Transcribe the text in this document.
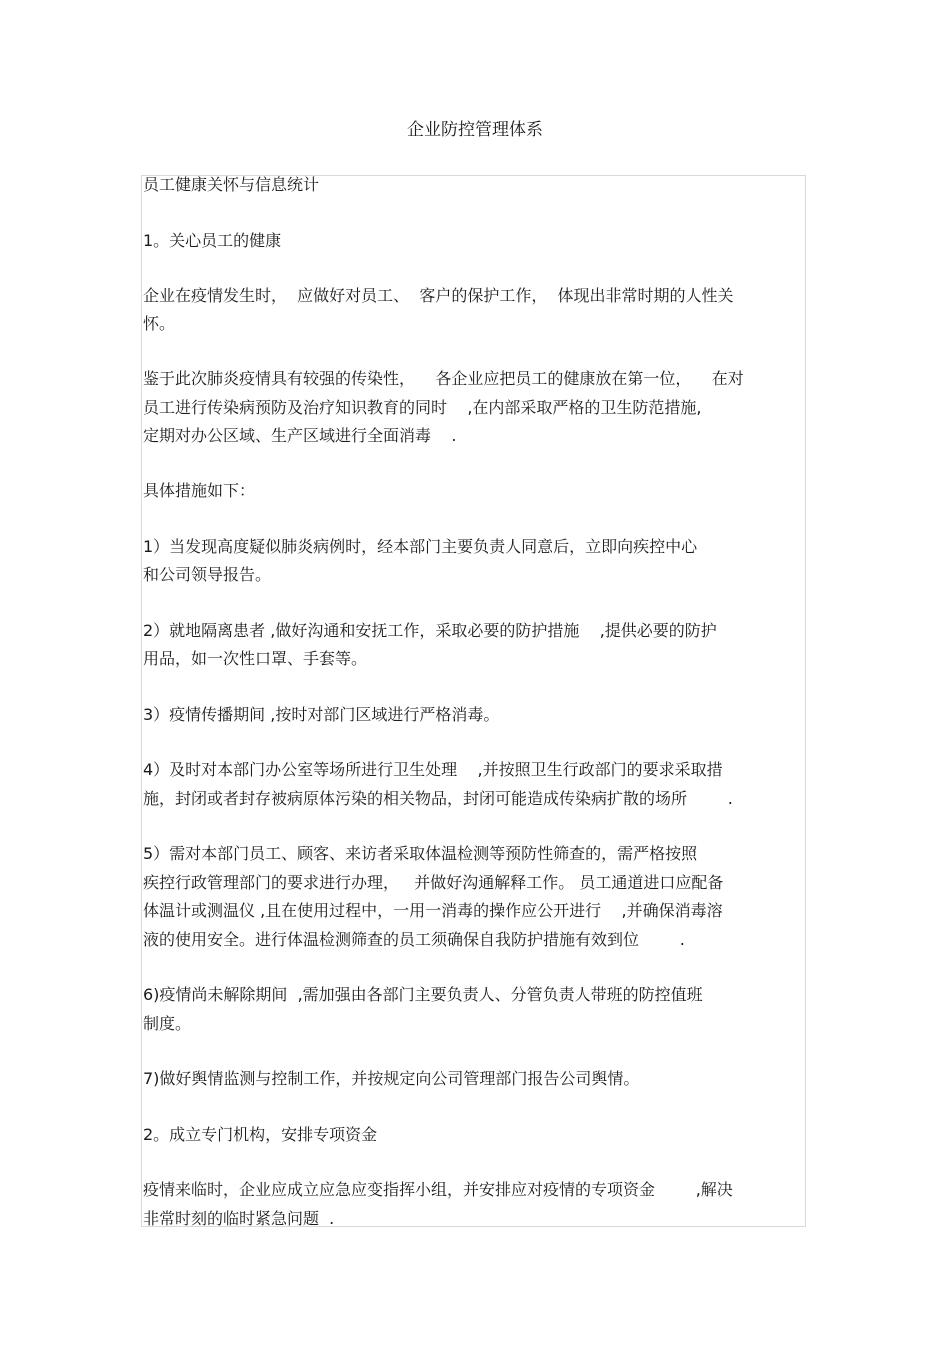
企业防控管理体系
员工健康关怀与信息统计
1。关心员工的健康
企业在疫情发生时，  应做好对员工、  客户的保护工作，  体现出非常时期的人性关
怀。
鉴于此次肺炎疫情具有较强的传染性，    各企业应把员工的健康放在第一位，    在对
员工进行传染病预防及治疗知识教育的同时    ,在内部采取严格的卫生防范措施,
定期对办公区域、生产区域进行全面消毒    .
具体措施如下：
1）当发现高度疑似肺炎病例时，经本部门主要负责人同意后，立即向疾控中心
和公司领导报告。
2）就地隔离患者 ,做好沟通和安抚工作，采取必要的防护措施    ,提供必要的防护
用品，如一次性口罩、手套等。
3）疫情传播期间 ,按时对部门区域进行严格消毒。
4）及时对本部门办公室等场所进行卫生处理    ,并按照卫生行政部门的要求采取措
施，封闭或者封存被病原体污染的相关物品，封闭可能造成传染病扩散的场所        .
5）需对本部门员工、顾客、来访者采取体温检测等预防性筛查的，需严格按照
疾控行政管理部门的要求进行办理，   并做好沟通解释工作。 员工通道进口应配备
体温计或测温仪 ,且在使用过程中，一用一消毒的操作应公开进行    ,并确保消毒溶
液的使用安全。进行体温检测筛查的员工须确保自我防护措施有效到位        .
6)疫情尚未解除期间  ,需加强由各部门主要负责人、分管负责人带班的防控值班
制度。
7)做好舆情监测与控制工作，并按规定向公司管理部门报告公司舆情。
2。成立专门机构，安排专项资金
疫情来临时，企业应成立应急应变指挥小组，并安排应对疫情的专项资金        ,解决
非常时刻的临时紧急问题  .
